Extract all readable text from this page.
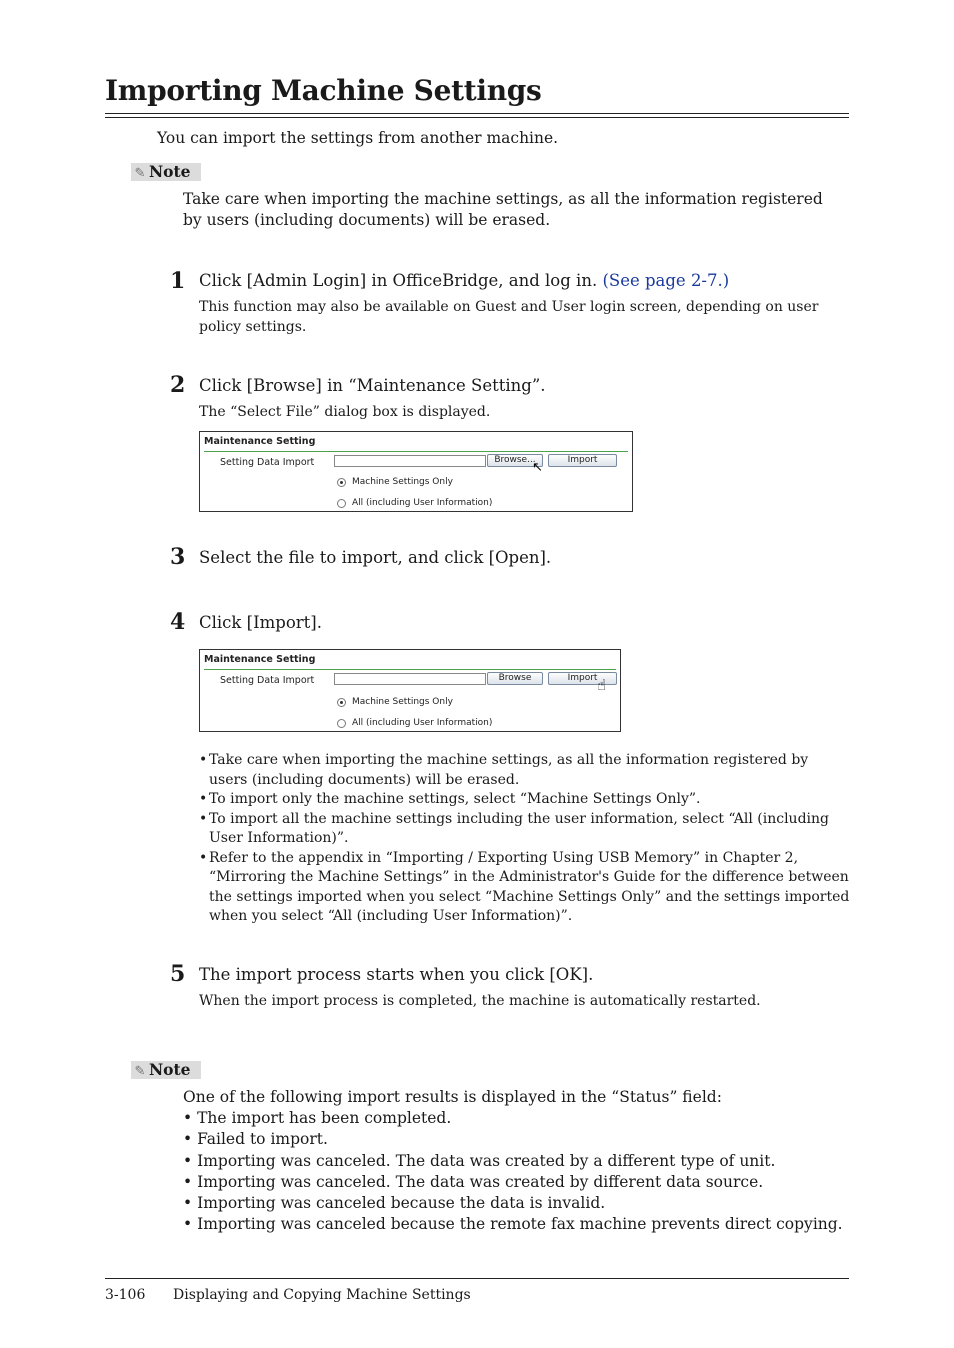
Importing Machine Settings
You can import the settings from another machine.
✎ Note
Take care when importing the machine settings, as all the information registered by users (including documents) will be erased.
1 Click [Admin Login] in OfficeBridge, and log in. (See page 2-7.)
This function may also be available on Guest and User login screen, depending on user policy settings.
2 Click [Browse] in “Maintenance Setting”.
The “Select File” dialog box is displayed.
Maintenance Setting
Setting Data Import	Browse...	Import
↖
Machine Settings Only
All (including User Information)
3 Select the file to import, and click [Open].
4 Click [Import].
Maintenance Setting
Setting Data Import	Browse	Import ☝
Machine Settings Only
All (including User Information)
• Take care when importing the machine settings, as all the information registered by users (including documents) will be erased.
• To import only the machine settings, select “Machine Settings Only”.
• To import all the machine settings including the user information, select “All (including User Information)”.
• Refer to the appendix in “Importing / Exporting Using USB Memory” in Chapter 2, “Mirroring the Machine Settings” in the Administrator's Guide for the difference between the settings imported when you select “Machine Settings Only” and the settings imported when you select “All (including User Information)”.
5 The import process starts when you click [OK].
When the import process is completed, the machine is automatically restarted.
✎ Note
One of the following import results is displayed in the “Status” field:
• The import has been completed.
• Failed to import.
• Importing was canceled. The data was created by a different type of unit.
• Importing was canceled. The data was created by different data source.
• Importing was canceled because the data is invalid.
• Importing was canceled because the remote fax machine prevents direct copying.
3-106 Displaying and Copying Machine Settings
